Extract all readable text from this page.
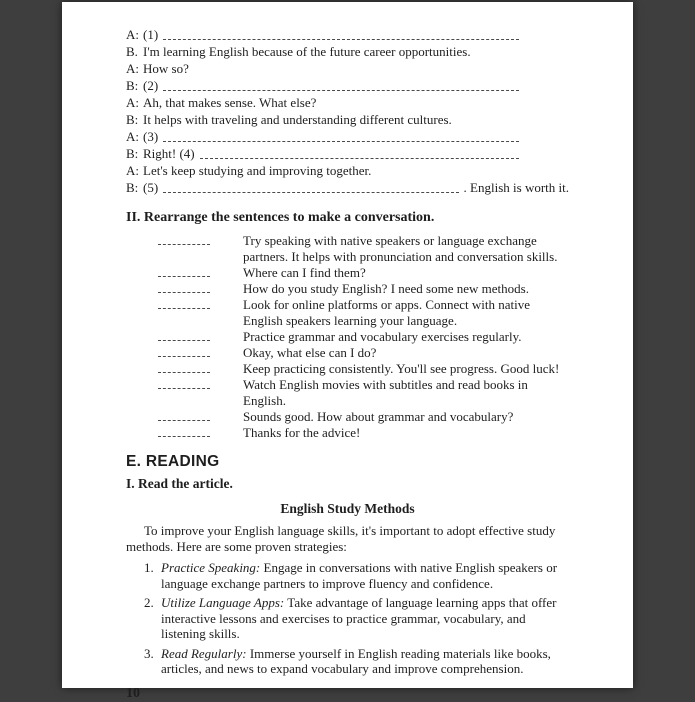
A: (1)
B. I'm learning English because of the future career opportunities.
A: How so?
B: (2)
A: Ah, that makes sense. What else?
B: It helps with traveling and understanding different cultures.
A: (3)
B: Right! (4)
A: Let's keep studying and improving together.
B: (5)	. English is worth it.
II. Rearrange the sentences to make a conversation.
Try speaking with native speakers or language exchange partners. It helps with pronunciation and conversation skills.
Where can I find them?
How do you study English? I need some new methods.
Look for online platforms or apps. Connect with native English speakers learning your language.
Practice grammar and vocabulary exercises regularly.
Okay, what else can I do?
Keep practicing consistently. You'll see progress. Good luck!
Watch English movies with subtitles and read books in English.
Sounds good. How about grammar and vocabulary?
Thanks for the advice!
E. READING
I. Read the article.
English Study Methods
To improve your English language skills, it's important to adopt effective study methods. Here are some proven strategies:
1. Practice Speaking: Engage in conversations with native English speakers or language exchange partners to improve fluency and confidence.
2. Utilize Language Apps: Take advantage of language learning apps that offer interactive lessons and exercises to practice grammar, vocabulary, and listening skills.
3. Read Regularly: Immerse yourself in English reading materials like books, articles, and news to expand vocabulary and improve comprehension.
10
